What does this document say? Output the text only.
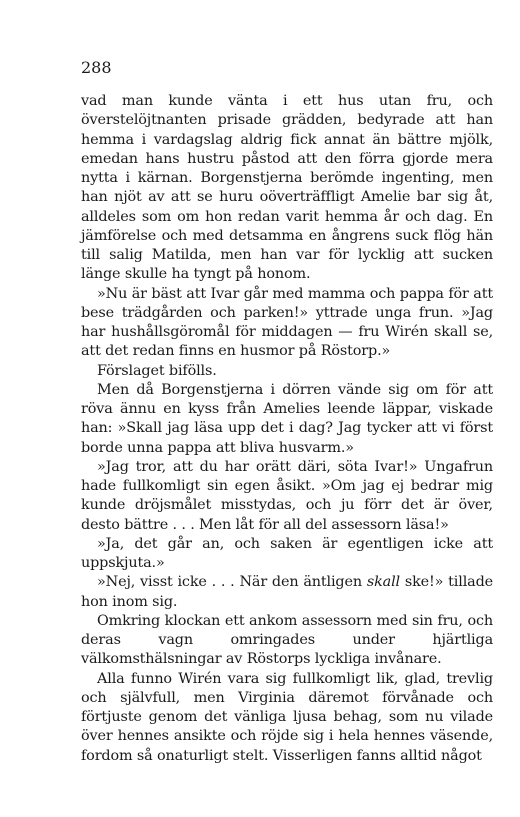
288

vad man kunde vänta i ett hus utan fru, och överstelöjtnanten prisade grädden, bedyrade att han hemma i vardagslag aldrig fick annat än bättre mjölk, emedan hans hustru påstod att den förra gjorde mera nytta i kärnan. Borgenstjerna berömde ingenting, men han njöt av att se huru oöverträffligt Amelie bar sig åt, alldeles som om hon redan varit hemma år och dag. En jämförelse och med detsamma en ångrens suck flög hän till salig Matilda, men han var för lycklig att sucken länge skulle ha tyngt på honom.

»Nu är bäst att Ivar går med mamma och pappa för att bese trädgården och parken!» yttrade unga frun. »Jag har hushållsgöromål för middagen — fru Wirén skall se, att det redan finns en husmor på Röstorp.»

Förslaget bifölls.

Men då Borgenstjerna i dörren vände sig om för att röva ännu en kyss från Amelies leende läppar, viskade han: »Skall jag läsa upp det i dag? Jag tycker att vi först borde unna pappa att bliva husvarm.»

»Jag tror, att du har orätt däri, söta Ivar!» Ungafrun hade fullkomligt sin egen åsikt. »Om jag ej bedrar mig kunde dröjsmålet misstydas, och ju förr det är över, desto bättre . . . Men låt för all del assessorn läsa!»

»Ja, det går an, och saken är egentligen icke att uppskjuta.»

»Nej, visst icke . . . När den äntligen skall ske!» tillade hon inom sig.

Omkring klockan ett ankom assessorn med sin fru, och deras vagn omringades under hjärtliga välkomsthälsningar av Röstorps lyckliga invånare.

Alla funno Wirén vara sig fullkomligt lik, glad, trevlig och självfull, men Virginia däremot förvånade och förtjuste genom det vänliga ljusa behag, som nu vilade över hennes ansikte och röjde sig i hela hennes väsende, fordom så onaturligt stelt. Visserligen fanns alltid något
